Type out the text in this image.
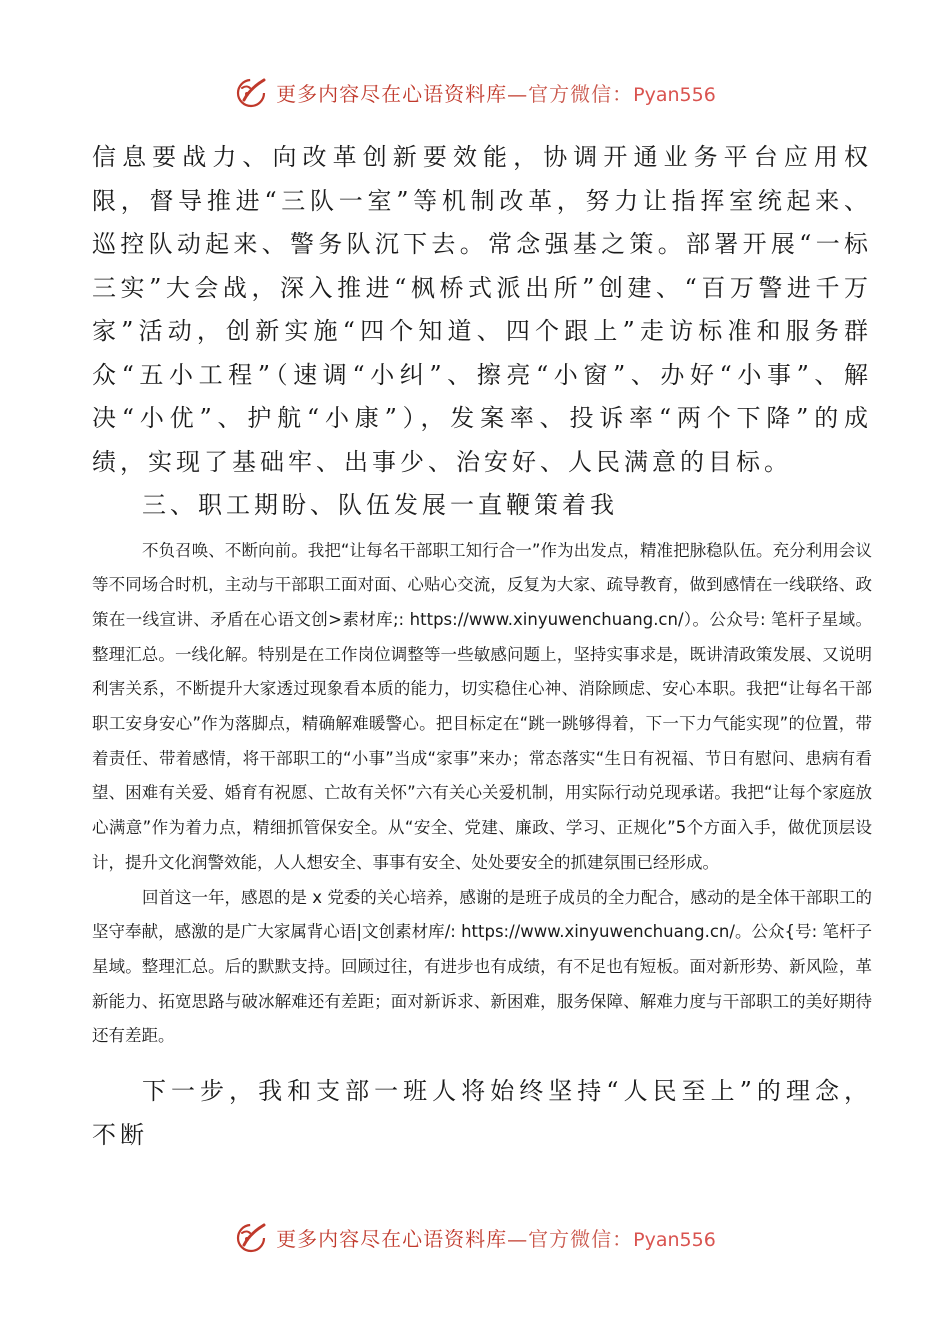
更多内容尽在心语资料库—官方微信：Pyan556

信息要战力、向改革创新要效能，协调开通业务平台应用权限，督导推进“三队一室”等机制改革，努力让指挥室统起来、巡控队动起来、警务队沉下去。常念强基之策。部署开展“一标三实”大会战，深入推进“枫桥式派出所”创建、“百万警进千万家”活动，创新实施“四个知道、四个跟上”走访标准和服务群众“五小工程”（速调“小纠”、擦亮“小窗”、办好“小事”、解决“小优”、护航“小康”），发案率、投诉率“两个下降”的成绩，实现了基础牢、出事少、治安好、人民满意的目标。

三、职工期盼、队伍发展一直鞭策着我

不负召唤、不断向前。我把“让每名干部职工知行合一”作为出发点，精准把脉稳队伍。充分利用会议等不同场合时机，主动与干部职工面对面、心贴心交流，反复为大家、疏导教育，做到感情在一线联络、政策在一线宣讲、矛盾在心语文创>素材库;: https://www.xinyuwenchuang.cn/）。公众号: 笔杆子星域。整理汇总。一线化解。特别是在工作岗位调整等一些敏感问题上，坚持实事求是，既讲清政策发展、又说明利害关系，不断提升大家透过现象看本质的能力，切实稳住心神、消除顾虑、安心本职。我把“让每名干部职工安身安心”作为落脚点，精确解难暖警心。把目标定在“跳一跳够得着，下一下力气能实现”的位置，带着责任、带着感情，将干部职工的“小事”当成“家事”来办；常态落实“生日有祝福、节日有慰问、患病有看望、困难有关爱、婚育有祝愿、亡故有关怀”六有关心关爱机制，用实际行动兑现承诺。我把“让每个家庭放心满意”作为着力点，精细抓管保安全。从“安全、党建、廉政、学习、正规化”5个方面入手，做优顶层设计，提升文化润警效能，人人想安全、事事有安全、处处要安全的抓建氛围已经形成。

回首这一年，感恩的是 x 党委的关心培养，感谢的是班子成员的全力配合，感动的是全体干部职工的坚守奉献，感激的是广大家属背心语|文创素材库/: https://www.xinyuwenchuang.cn/。公众{号: 笔杆子星域。整理汇总。后的默默支持。回顾过往，有进步也有成绩，有不足也有短板。面对新形势、新风险，革新能力、拓宽思路与破冰解难还有差距；面对新诉求、新困难，服务保障、解难力度与干部职工的美好期待还有差距。

下一步，我和支部一班人将始终坚持“人民至上”的理念，不断

更多内容尽在心语资料库—官方微信：Pyan556
